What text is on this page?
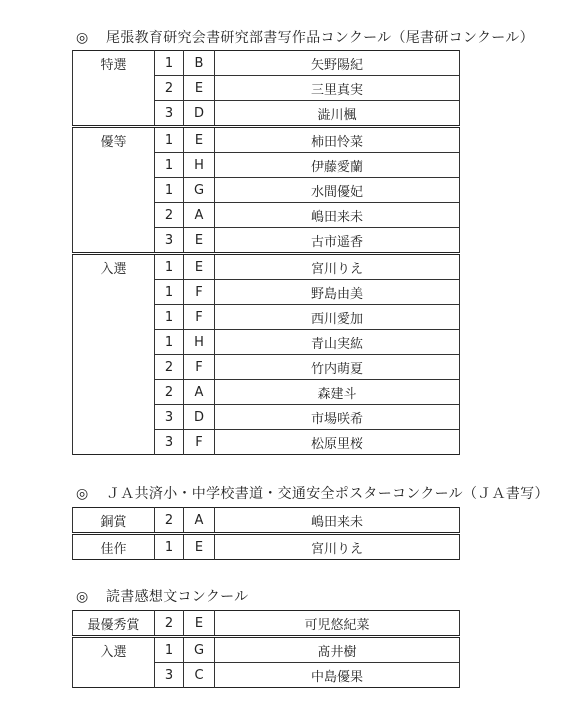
◎ 尾張教育研究会書研究部書写作品コンクール（尾書研コンクール）
特選	1	B	矢野陽紀
	2	E	三里真実
	3	D	澁川楓
優等	1	E	柿田怜菜
	1	H	伊藤愛蘭
	1	G	水間優妃
	2	A	嶋田来未
	3	E	古市遥香
入選	1	E	宮川りえ
	1	F	野島由美
	1	F	西川愛加
	1	H	青山実紘
	2	F	竹内萌夏
	2	A	森建斗
	3	D	市場咲希
	3	F	松原里桜
◎ ＪＡ共済小・中学校書道・交通安全ポスターコンクール（ＪＡ書写）
銅賞	2	A	嶋田来未
佳作	1	E	宮川りえ
◎ 読書感想文コンクール
最優秀賞	2	E	可児悠紀菜
入選	1	G	髙井樹
	3	C	中島優果
